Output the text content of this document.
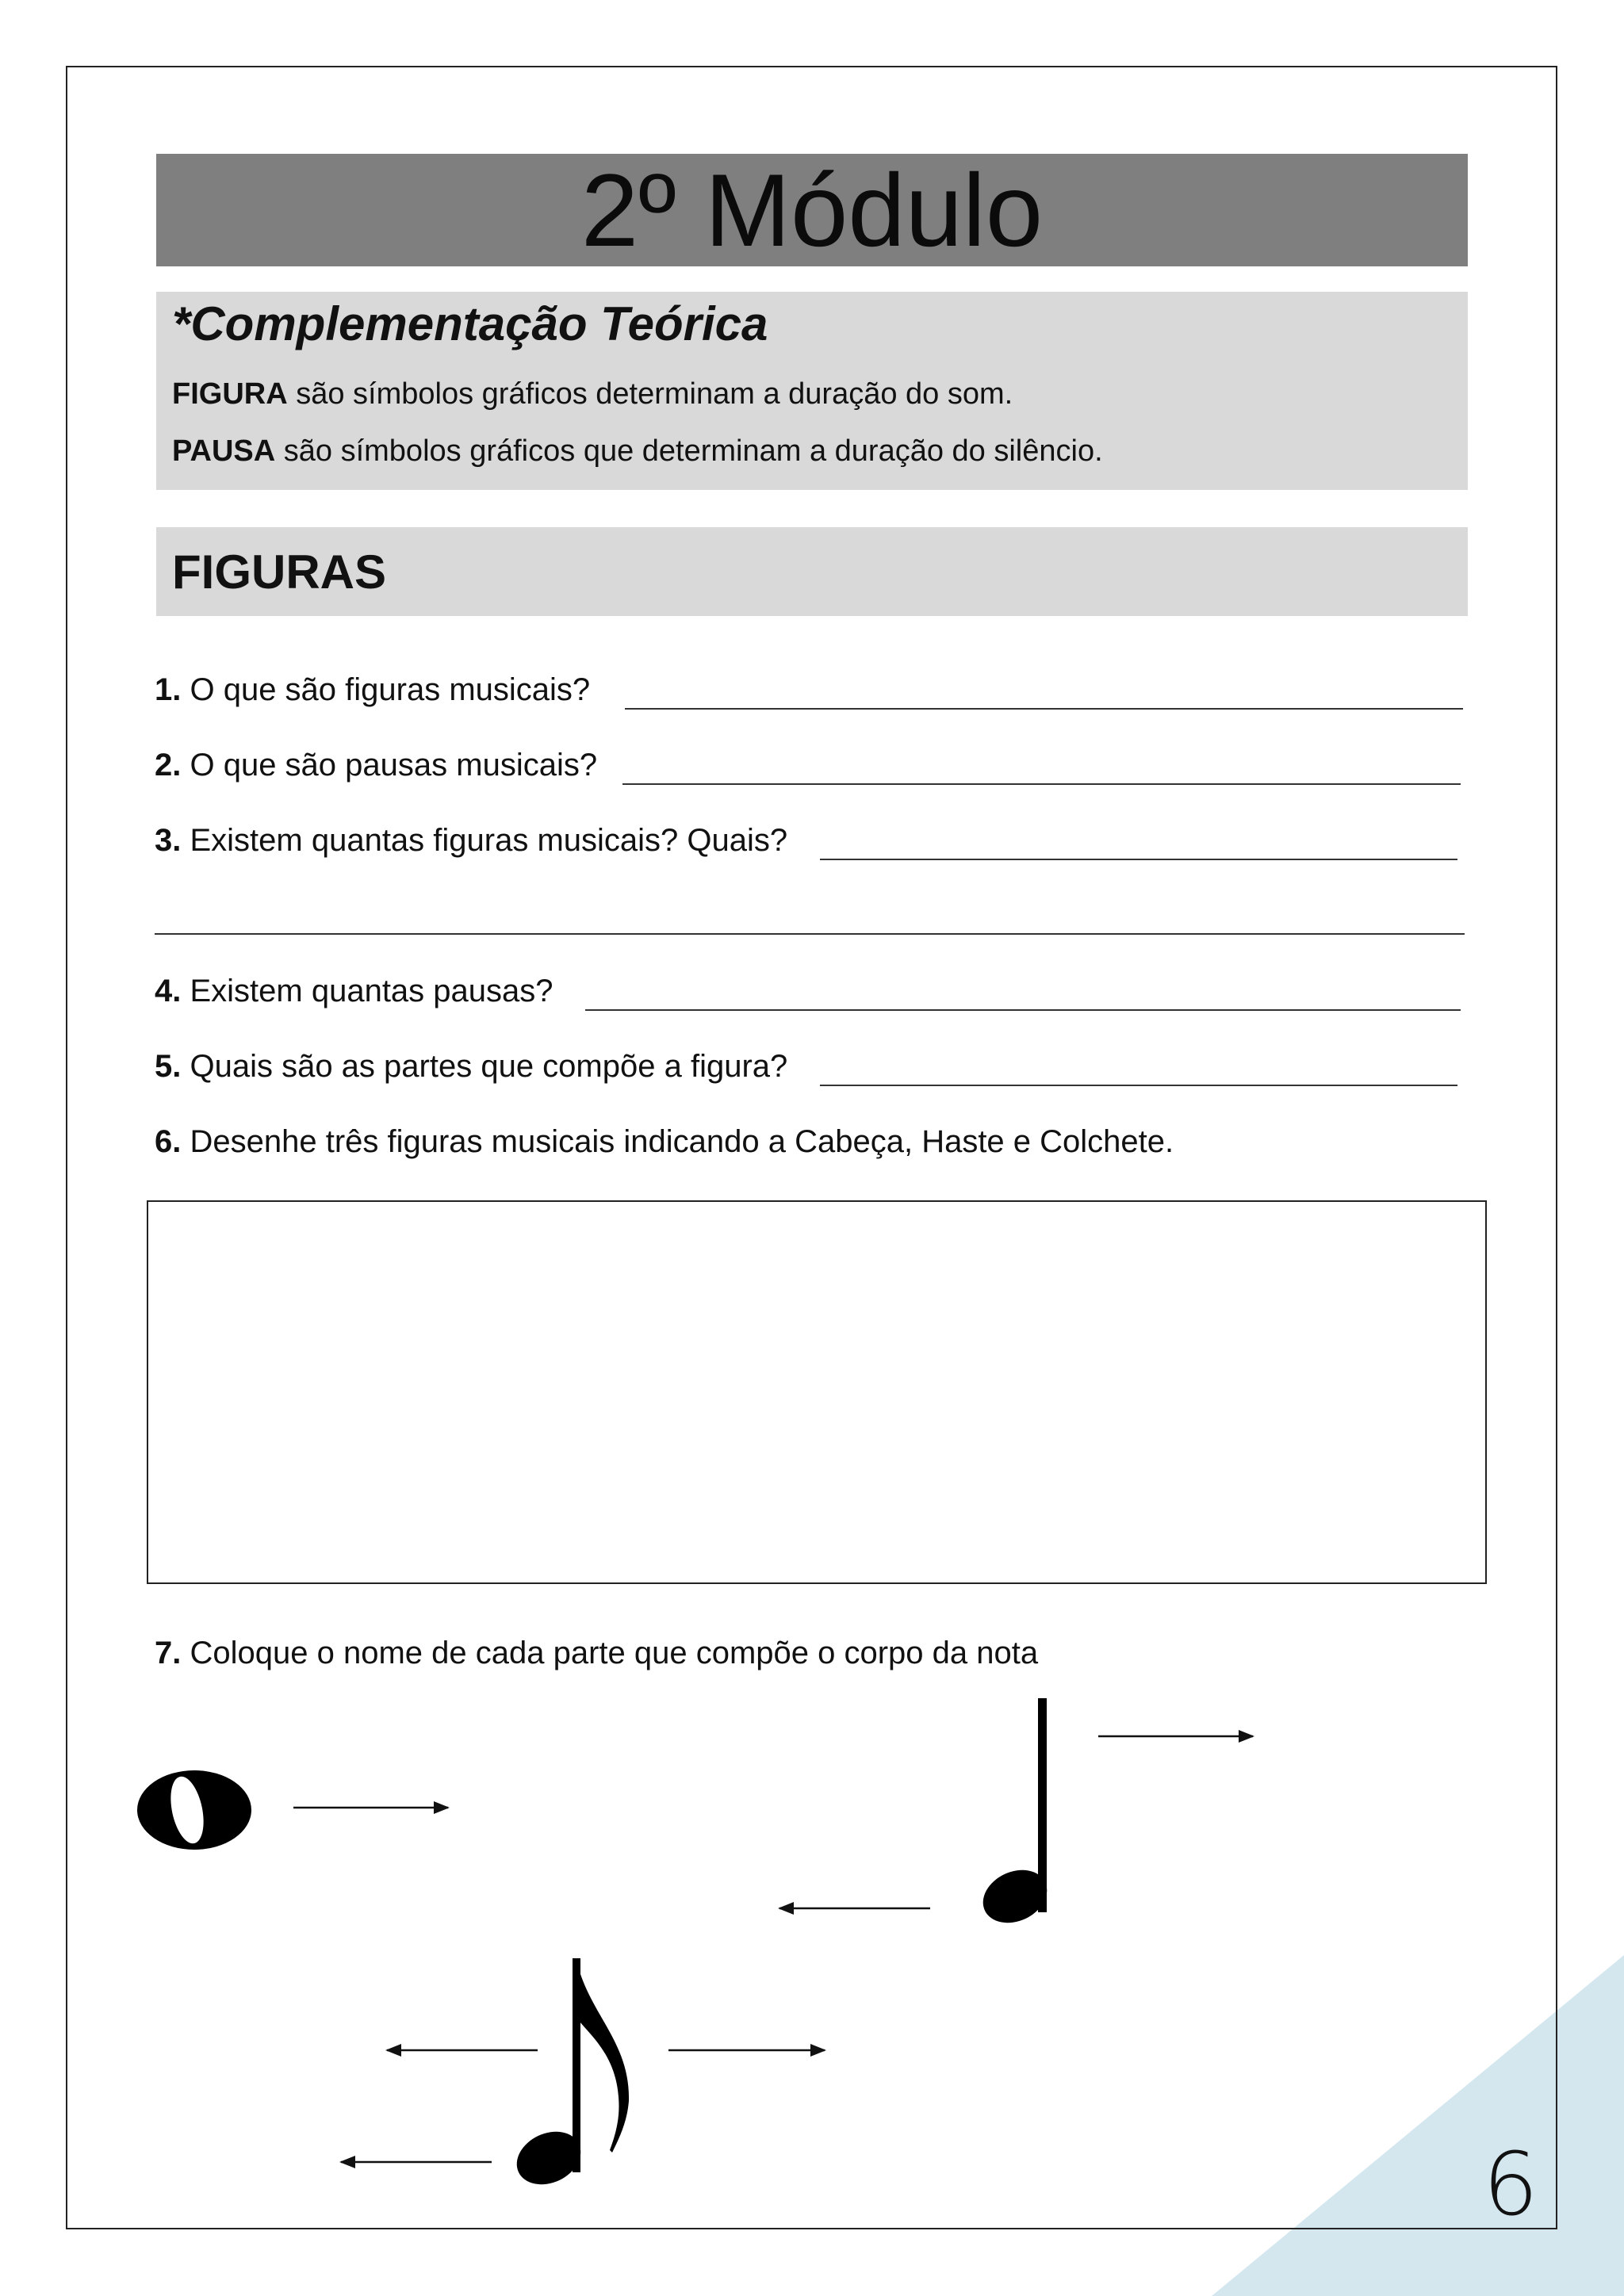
2º Módulo
*Complementação Teórica
FIGURA são símbolos gráficos determinam a duração do som.
PAUSA são símbolos gráficos que determinam a duração do silêncio.
FIGURAS
1. O que são figuras musicais?
2. O que são pausas musicais?
3. Existem quantas figuras musicais? Quais?
4. Existem quantas pausas?
5. Quais são as partes que compõe a figura?
6. Desenhe três figuras musicais indicando a Cabeça, Haste e Colchete.
7. Coloque o nome de cada parte que compõe o corpo da nota
6
